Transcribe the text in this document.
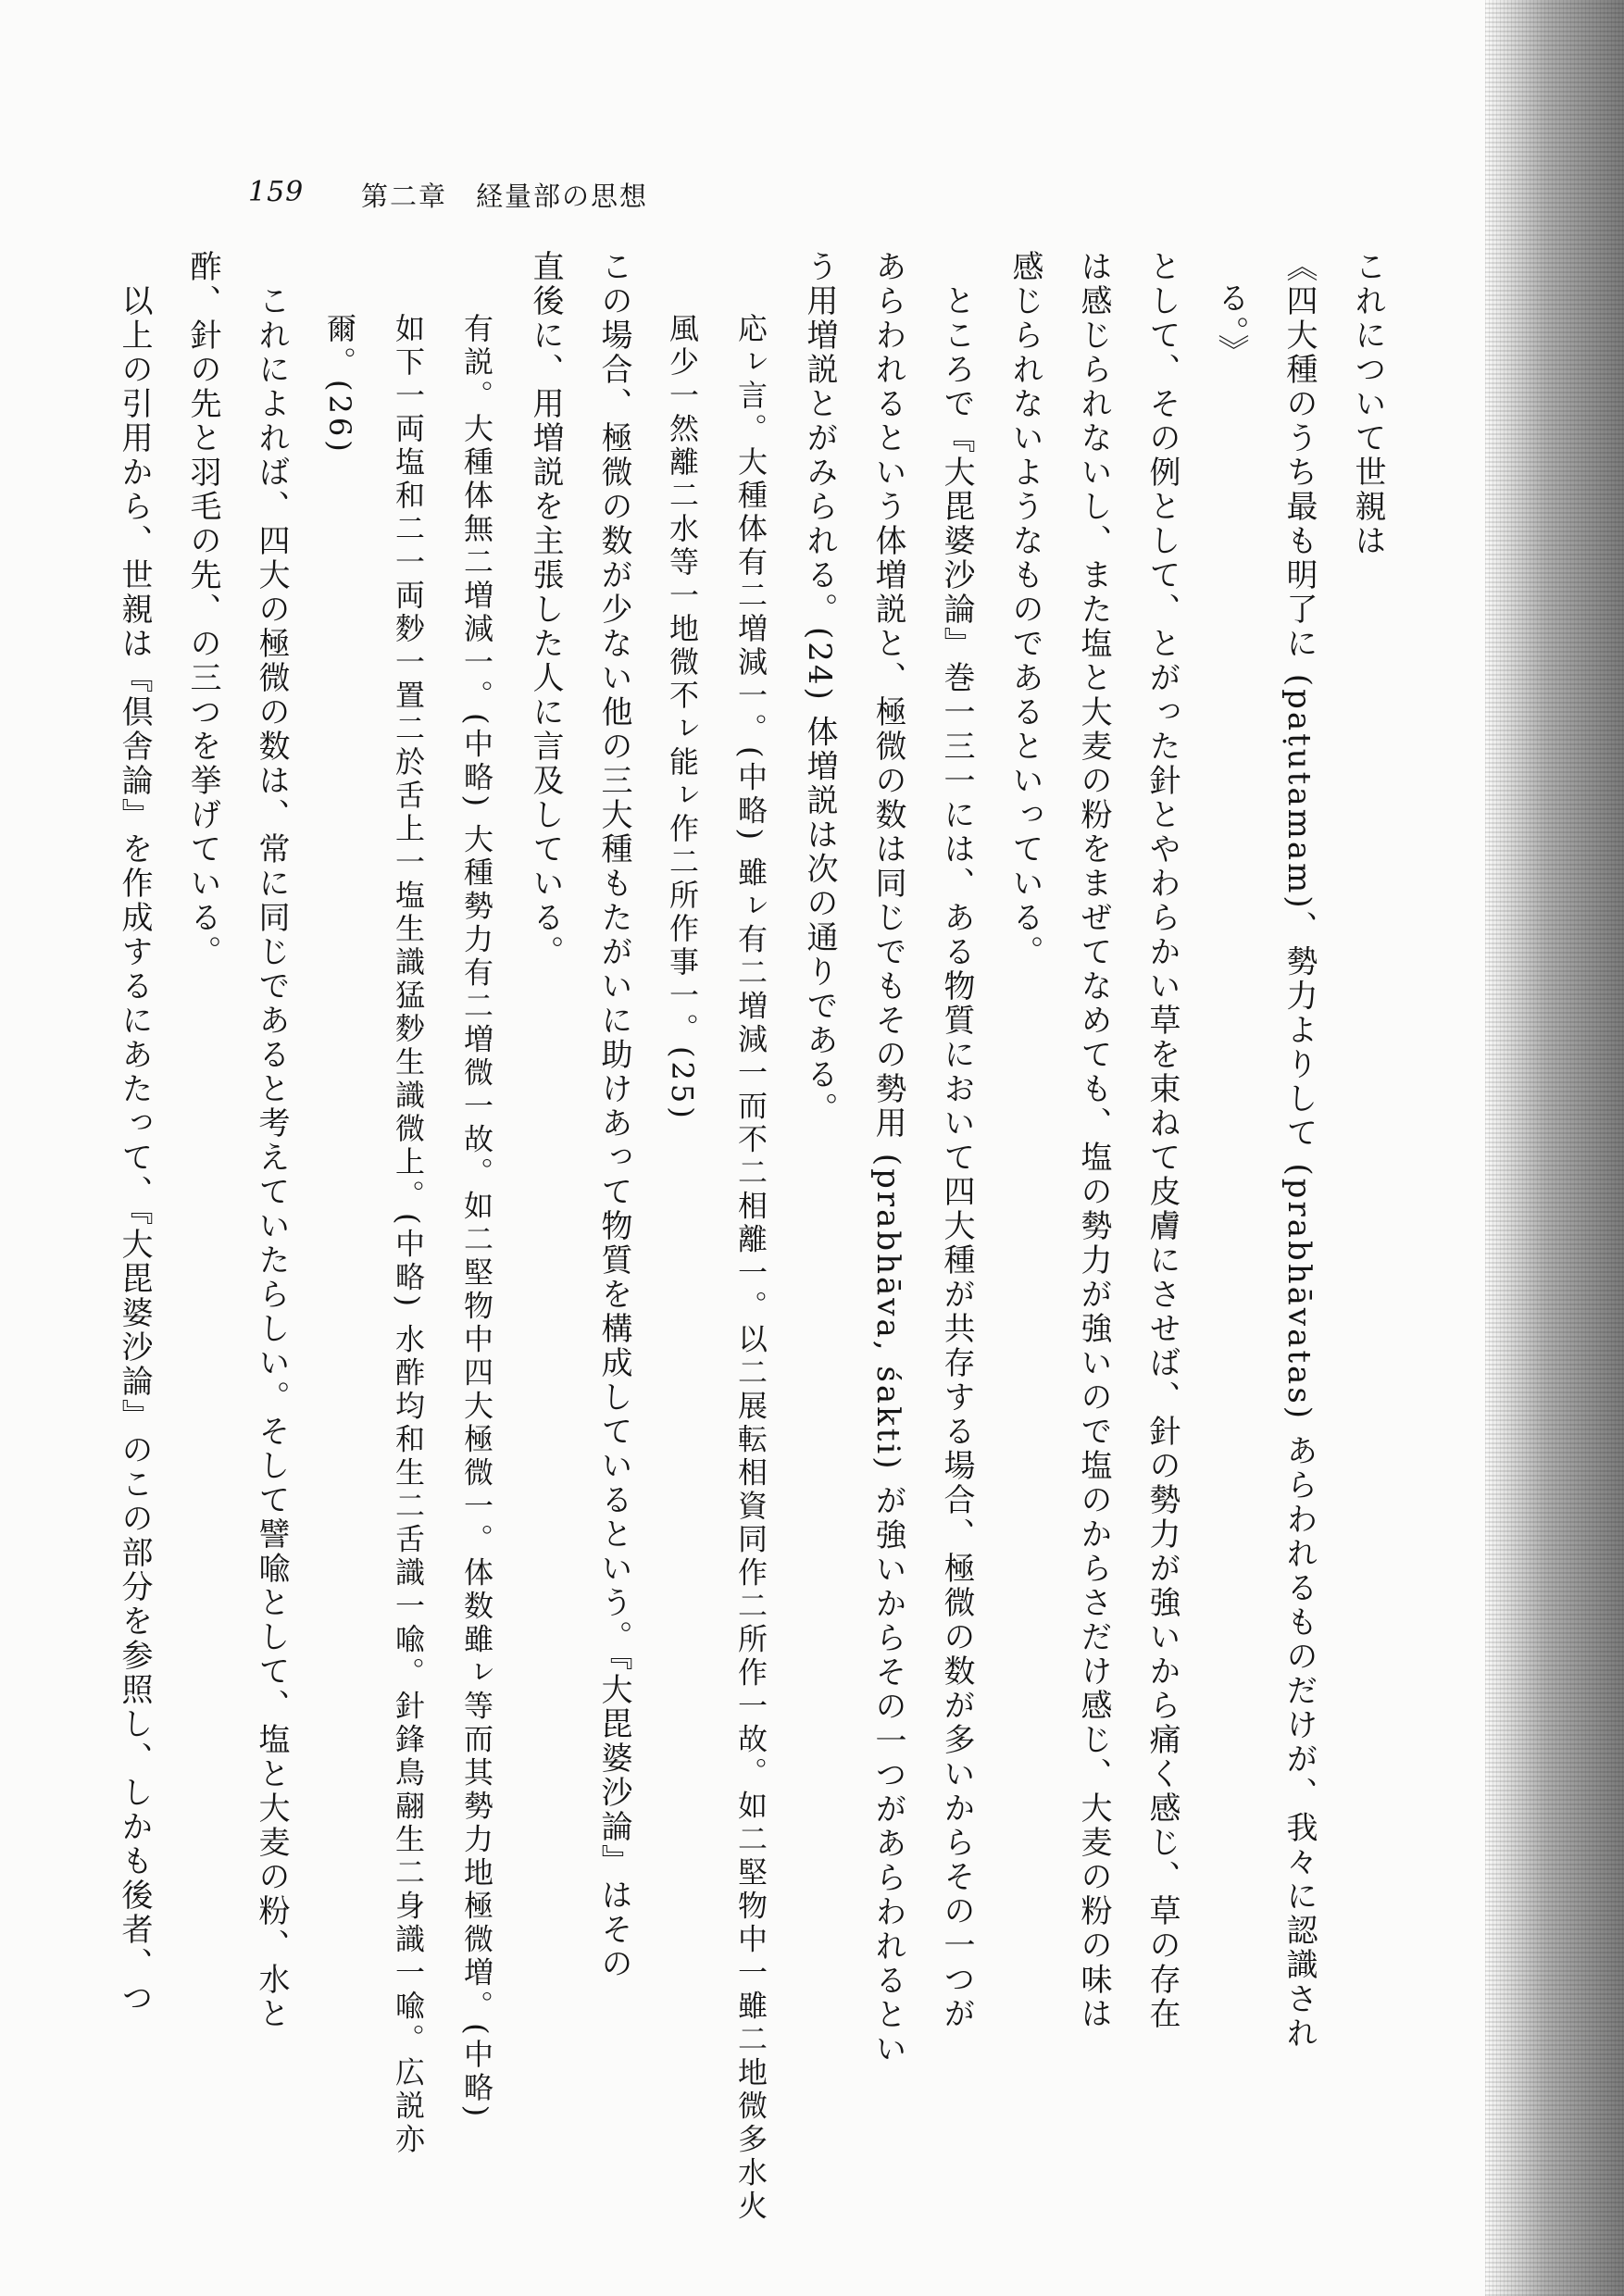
159 第二章　経量部の思想
これについて世親は
《四大種のうち最も明了に (paṭutamam)、勢力よりして (prabhāvatas) あらわれるものだけが、我々に認識され
る。》
として、その例として、とがった針とやわらかい草を束ねて皮膚にさせば、針の勢力が強いから痛く感じ、草の存在
は感じられないし、また塩と大麦の粉をまぜてなめても、塩の勢力が強いので塩のからさだけ感じ、大麦の粉の味は
感じられないようなものであるといっている。
　ところで『大毘婆沙論』巻一三一には、ある物質において四大種が共存する場合、極微の数が多いからその一つが
あらわれるという体増説と、極微の数は同じでもその勢用 (prabhāva, śakti) が強いからその一つがあらわれるとい
う用増説とがみられる。(24) 体増説は次の通りである。
応ㇾ言。大種体有二増減一。(中略) 雖ㇾ有二増減一而不二相離一。以二展転相資同作二所作一故。如二堅物中一雖二地微多水火
風少一然離二水等一地微不ㇾ能ㇾ作二所作事一。(25)
この場合、極微の数が少ない他の三大種もたがいに助けあって物質を構成しているという。『大毘婆沙論』はその
直後に、用増説を主張した人に言及している。
有説。大種体無二増減一。(中略) 大種勢力有二増微一故。如二堅物中四大極微一。体数雖ㇾ等而其勢力地極微増。(中略)
如下一両塩和二一両麨一置二於舌上一塩生識猛麨生識微上。(中略) 水酢均和生二舌識一喩。針鋒鳥翮生二身識一喩。広説亦
爾。(26)
　これによれば、四大の極微の数は、常に同じであると考えていたらしい。そして譬喩として、塩と大麦の粉、水と
酢、針の先と羽毛の先、の三つを挙げている。
　以上の引用から、世親は『倶舎論』を作成するにあたって、『大毘婆沙論』のこの部分を参照し、しかも後者、つ
